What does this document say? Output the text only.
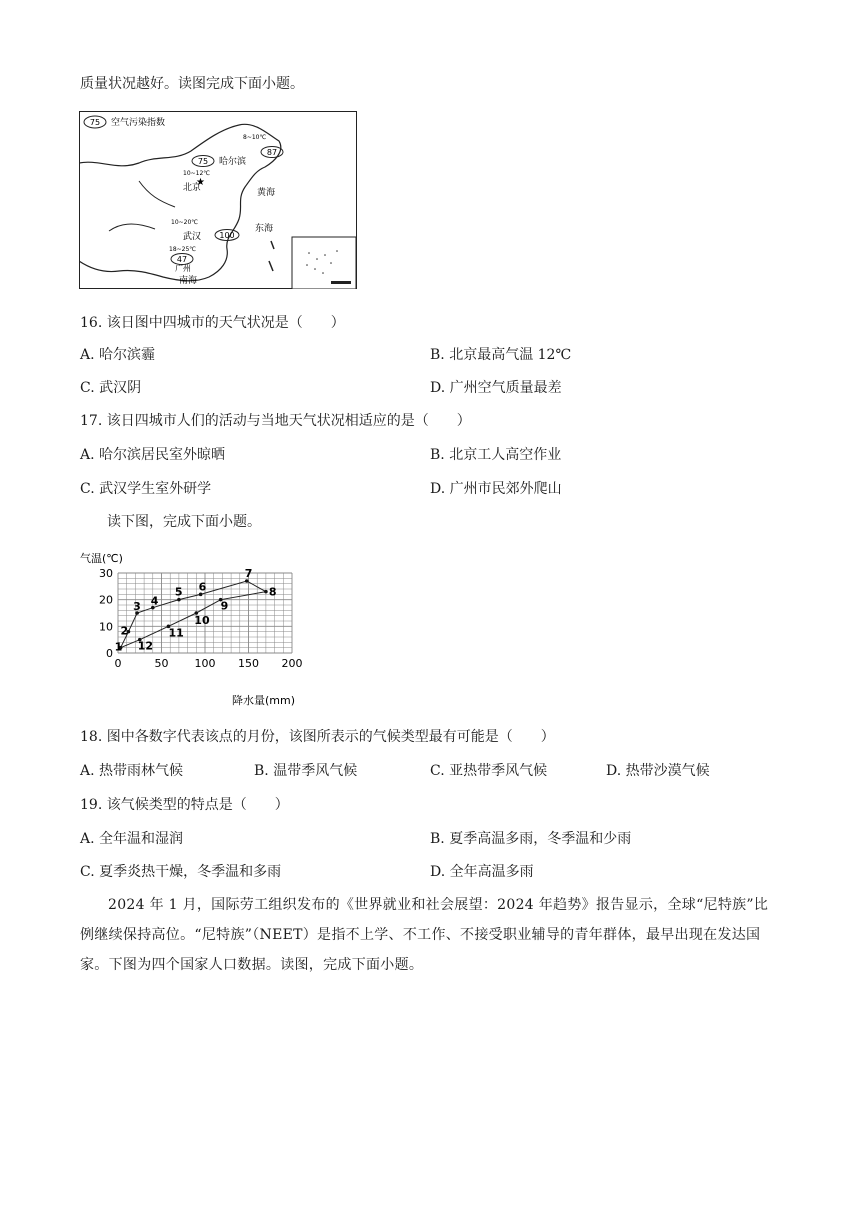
质量状况越好。读图完成下面小题。
75 空气污染指数
8~10℃
87
75 哈尔滨
10~12℃
★
北京	黄海
10~20℃
武汉 100
东海
18~25℃
47
广州
南海
16. 该日图中四城市的天气状况是（　　）
A. 哈尔滨霾	B. 北京最高气温 12℃
C. 武汉阴	D. 广州空气质量最差
17. 该日四城市人们的活动与当地天气状况相适应的是（　　）
A. 哈尔滨居民室外晾晒	B. 北京工人高空作业
C. 武汉学生室外研学	D. 广州市民郊外爬山
读下图，完成下面小题。
气温(℃)
0	50 100 150 200
0
10
20
30
1
2
3 4
5 6
7
8
9
10
11
12
降水量(mm)
18. 图中各数字代表该点的月份，该图所表示的气候类型最有可能是（　　）
A. 热带雨林气候	B. 温带季风气候	C. 亚热带季风气候	D. 热带沙漠气候
19. 该气候类型的特点是（　　）
A. 全年温和湿润	B. 夏季高温多雨，冬季温和少雨
C. 夏季炎热干燥，冬季温和多雨	D. 全年高温多雨
2024 年 1 月，国际劳工组织发布的《世界就业和社会展望：2024 年趋势》报告显示，全球“尼特族”比例继续保持高位。“尼特族”（NEET）是指不上学、不工作、不接受职业辅导的青年群体，最早出现在发达国家。下图为四个国家人口数据。读图，完成下面小题。
